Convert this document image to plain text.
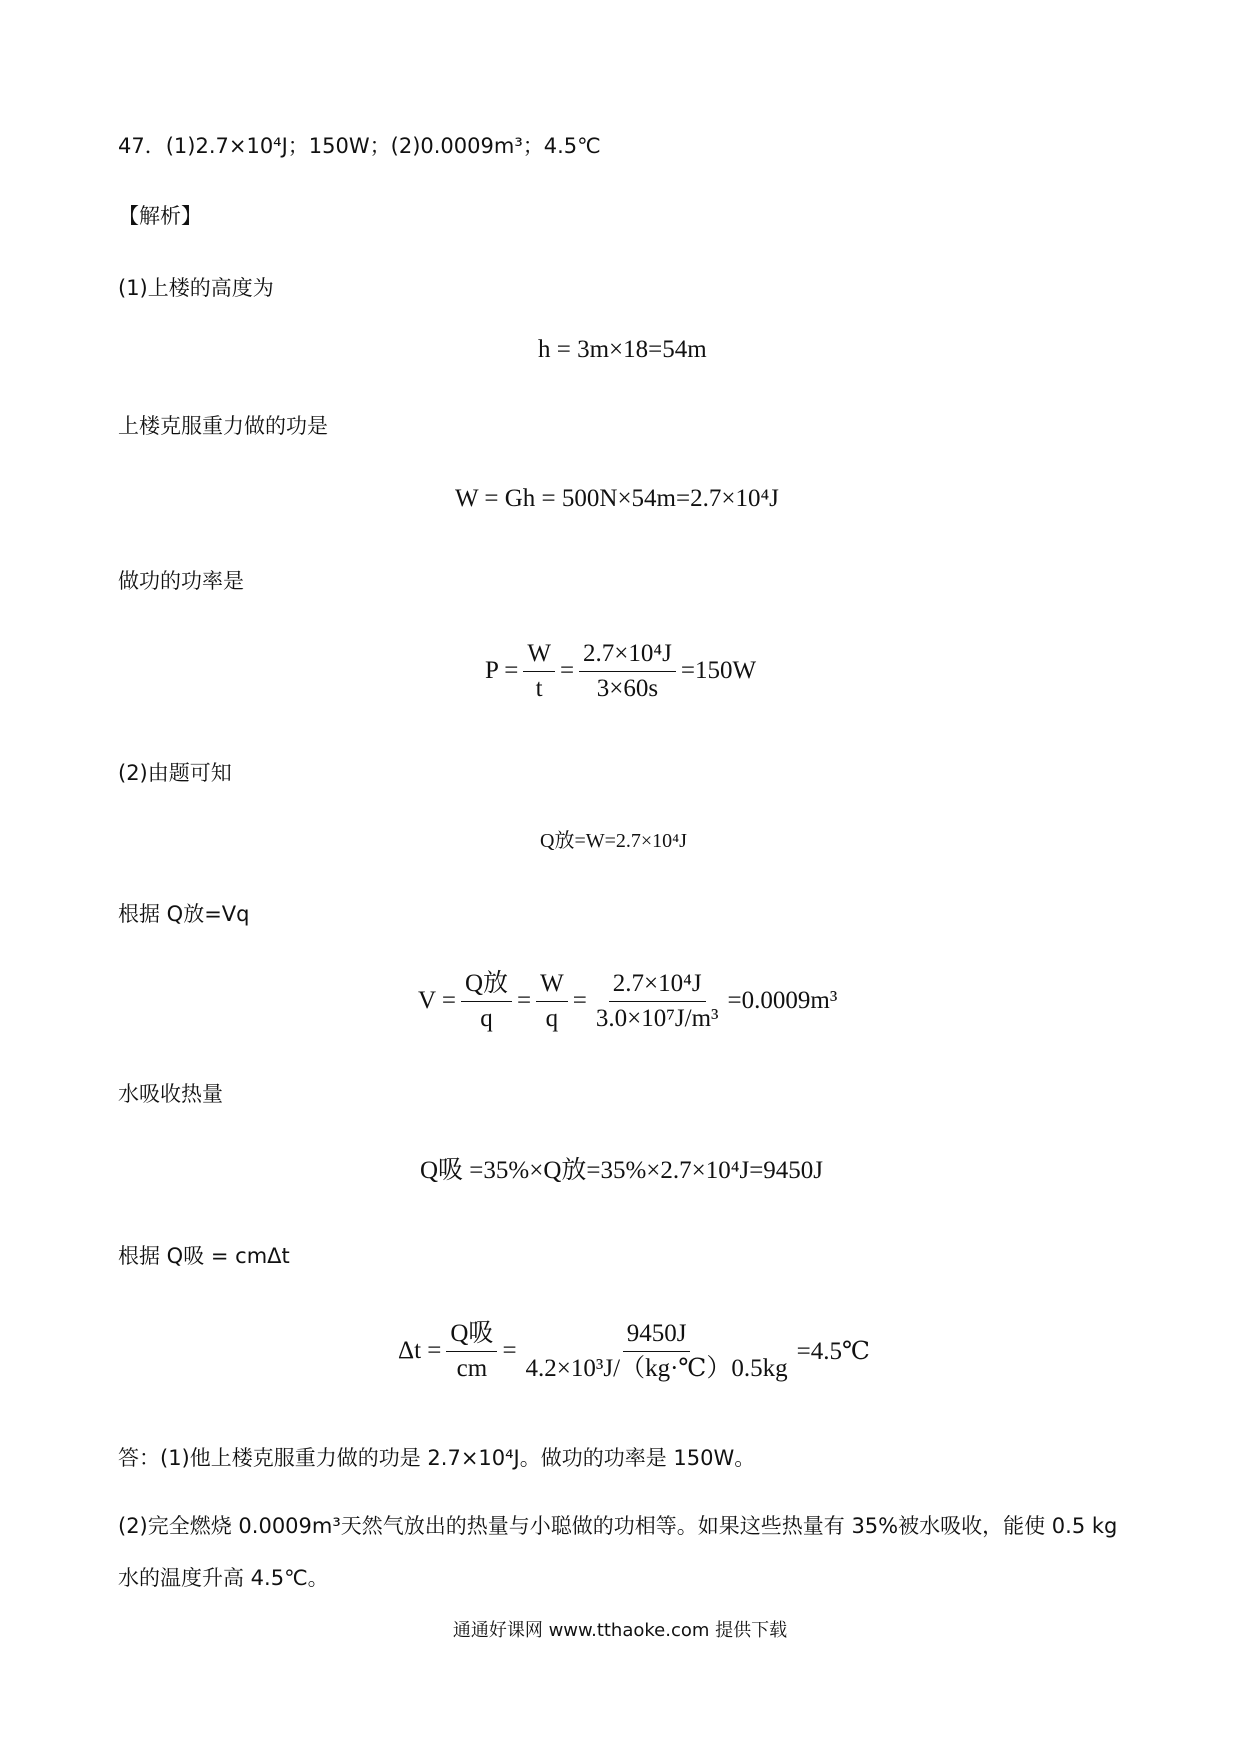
47．(1)2.7×10⁴J；150W；(2)0.0009m³；4.5℃
【解析】
(1)上楼的高度为
h = 3m×18=54m
上楼克服重力做的功是
W = Gh = 500N×54m=2.7×10⁴J
做功的功率是
$P = \frac{W}{t} = \frac{\text{2.7×10⁴J}}{3\times 60s} =150W$
(2)由题可知
Q放=W=2.7×10⁴J
根据 Q放=Vq
$V = \frac{\text{Q放}}{q} = \frac{W}{q} = \frac{\text{2.7×10⁴J}}{\text{3.0×10⁷J/m³}} =0.0009m^3$
水吸收热量
Q吸 =35%×Q放=35%×2.7×10⁴J=9450J
根据 Q吸 = cmΔt
$\Delta t = \frac{\text{Q吸}}{cm} = \frac{9450J}{\text{4.2×10³J/（kg·℃）0.5kg}}$ =4.5℃
答：(1)他上楼克服重力做的功是 2.7×10⁴J。做功的功率是 150W。
(2)完全燃烧 0.0009m³天然气放出的热量与小聪做的功相等。如果这些热量有 35%被水吸收，能使 0.5 kg
水的温度升高 4.5℃。
通通好课网 www.tthaoke.com 提供下载
